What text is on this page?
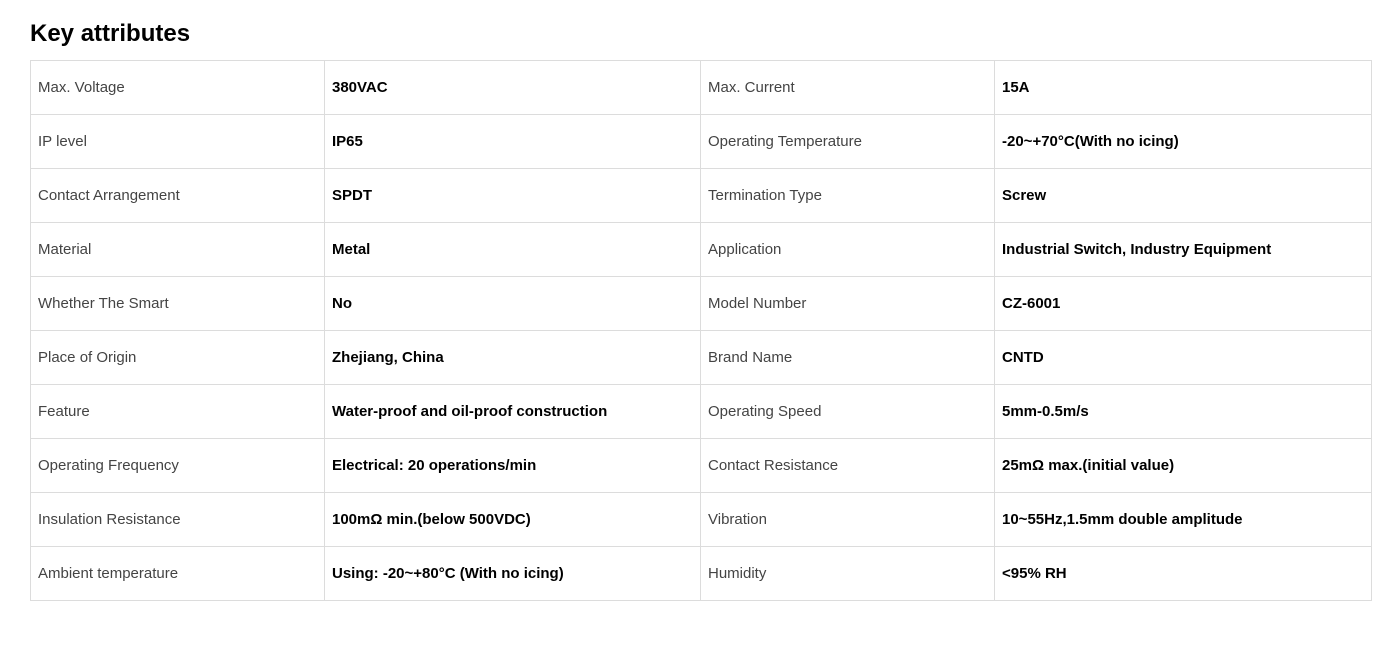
Key attributes
Max. Voltage	380VAC	Max. Current	15A
IP level	IP65	Operating Temperature	-20~+70°C(With no icing)
Contact Arrangement	SPDT	Termination Type	Screw
Material	Metal	Application	Industrial Switch, Industry Equipment
Whether The Smart	No	Model Number	CZ-6001
Place of Origin	Zhejiang, China	Brand Name	CNTD
Feature	Water-proof and oil-proof construction	Operating Speed	5mm-0.5m/s
Operating Frequency	Electrical: 20 operations/min	Contact Resistance	25mΩ max.(initial value)
Insulation Resistance	100mΩ min.(below 500VDC)	Vibration	10~55Hz,1.5mm double amplitude
Ambient temperature	Using: -20~+80°C (With no icing)	Humidity	<95% RH
